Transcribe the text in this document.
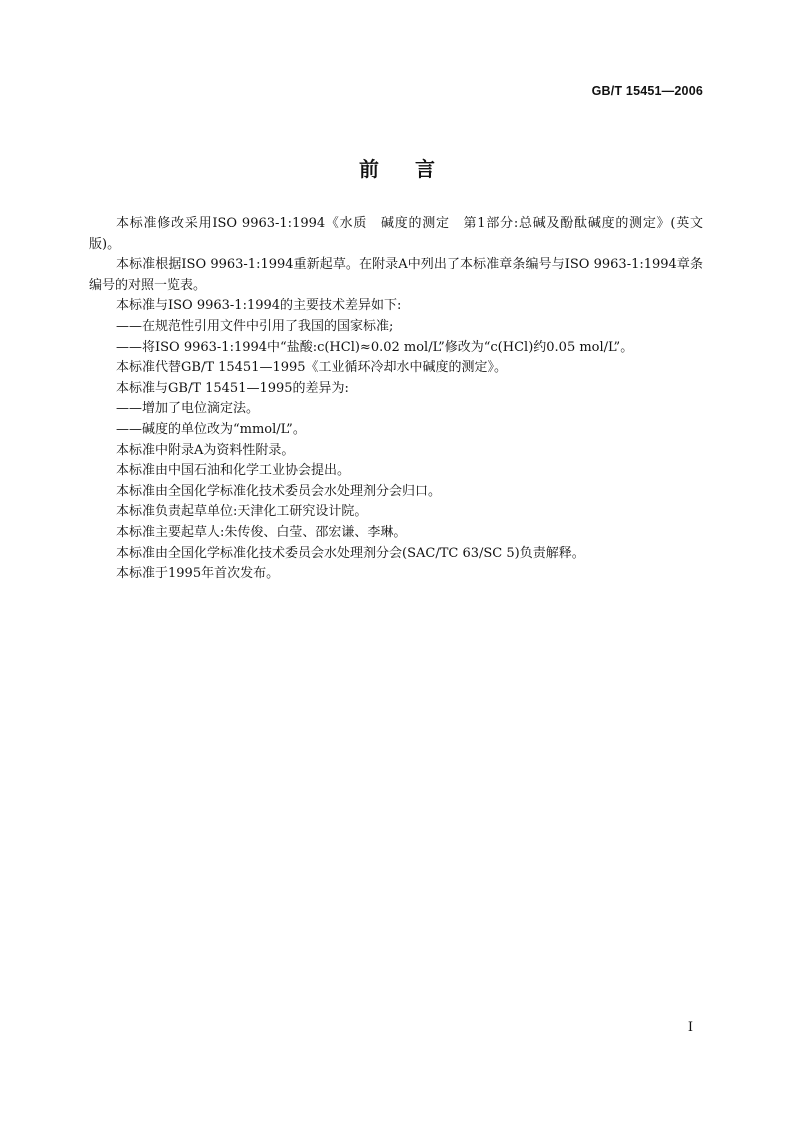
GB/T 15451—2006
前言

本标准修改采用ISO 9963-1:1994《水质　碱度的测定　第1部分:总碱及酚酞碱度的测定》(英文版)。

本标准根据ISO 9963-1:1994重新起草。在附录A中列出了本标准章条编号与ISO 9963-1:1994章条编号的对照一览表。

本标准与ISO 9963-1:1994的主要技术差异如下:

——在规范性引用文件中引用了我国的国家标准;

——将ISO 9963-1:1994中“盐酸:c(HCl)≈0.02 mol/L”修改为“c(HCl)约0.05 mol/L”。

本标准代替GB/T 15451—1995《工业循环冷却水中碱度的测定》。

本标准与GB/T 15451—1995的差异为:

——增加了电位滴定法。

——碱度的单位改为“mmol/L”。

本标准中附录A为资料性附录。

本标准由中国石油和化学工业协会提出。

本标准由全国化学标准化技术委员会水处理剂分会归口。

本标准负责起草单位:天津化工研究设计院。

本标准主要起草人:朱传俊、白莹、邵宏谦、李琳。

本标准由全国化学标准化技术委员会水处理剂分会(SAC/TC 63/SC 5)负责解释。

本标准于1995年首次发布。

I
